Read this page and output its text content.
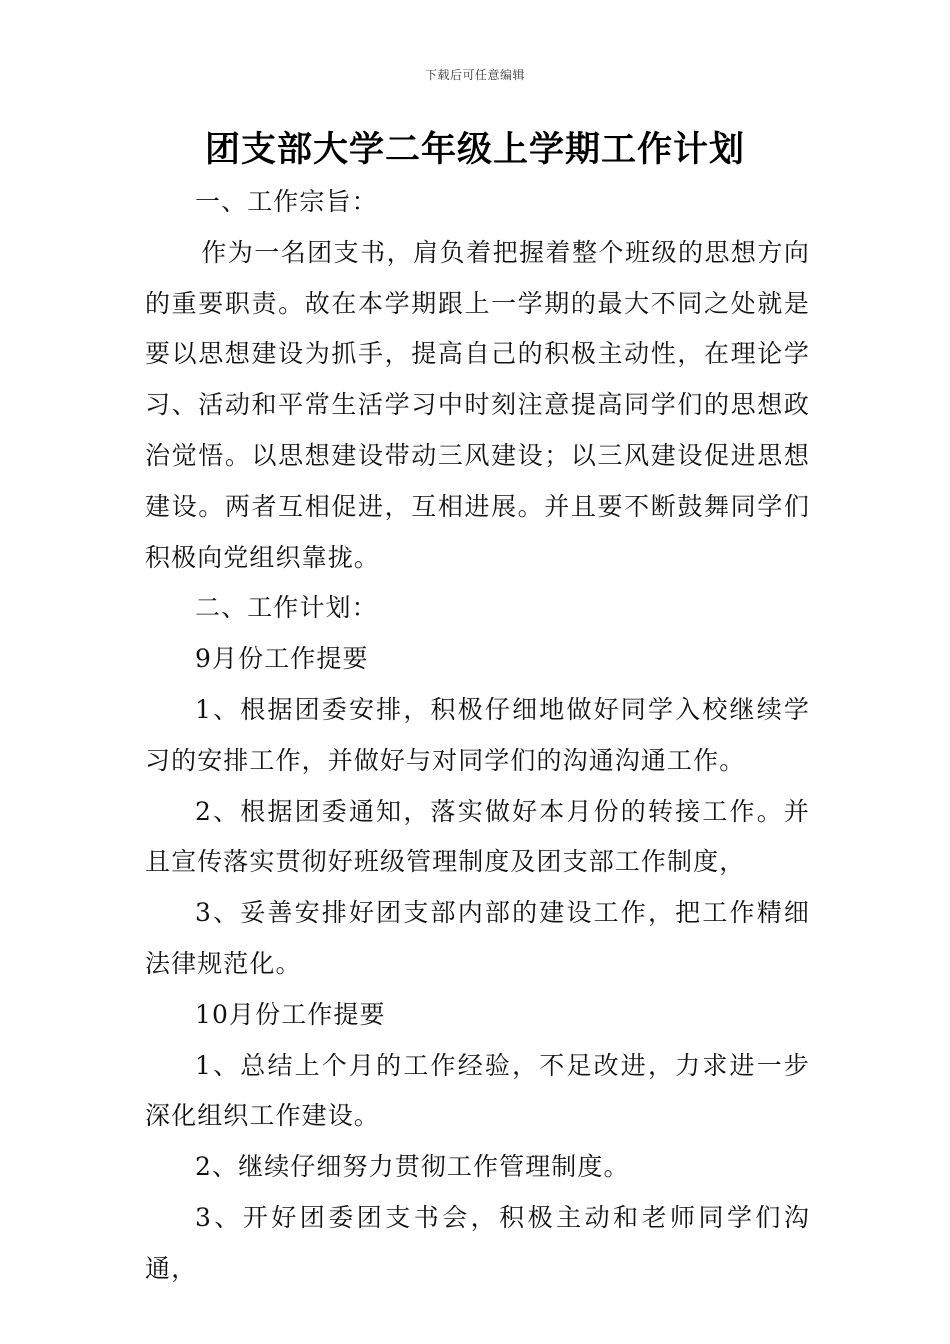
下载后可任意编辑
团支部大学二年级上学期工作计划

一、工作宗旨：

作为一名团支书，肩负着把握着整个班级的思想方向的重要职责。故在本学期跟上一学期的最大不同之处就是要以思想建设为抓手，提高自己的积极主动性，在理论学习、活动和平常生活学习中时刻注意提高同学们的思想政治觉悟。以思想建设带动三风建设；以三风建设促进思想建设。两者互相促进，互相进展。并且要不断鼓舞同学们积极向党组织靠拢。

二、工作计划：

9月份工作提要

1、根据团委安排，积极仔细地做好同学入校继续学习的安排工作，并做好与对同学们的沟通沟通工作。

2、根据团委通知，落实做好本月份的转接工作。并且宣传落实贯彻好班级管理制度及团支部工作制度，

3、妥善安排好团支部内部的建设工作，把工作精细法律规范化。

10月份工作提要

1、总结上个月的工作经验，不足改进，力求进一步深化组织工作建设。

2、继续仔细努力贯彻工作管理制度。

3、开好团委团支书会，积极主动和老师同学们沟通，
